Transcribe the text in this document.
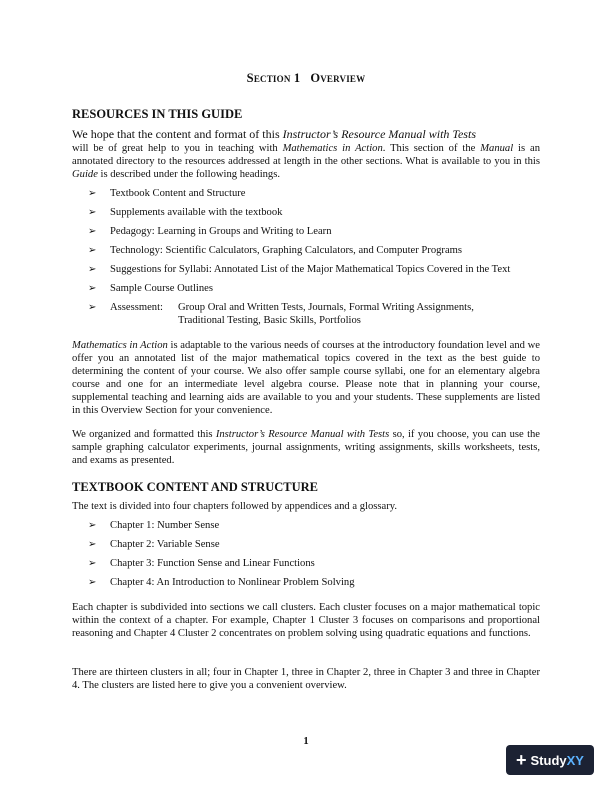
Section 1 Overview
RESOURCES IN THIS GUIDE

We hope that the content and format of this Instructor’s Resource Manual with Tests

will be of great help to you in teaching with Mathematics in Action. This section of the Manual is an annotated directory to the resources addressed at length in the other sections. What is available to you in this Guide is described under the following headings.

➢ Textbook Content and Structure
➢ Supplements available with the textbook
➢ Pedagogy: Learning in Groups and Writing to Learn
➢ Technology: Scientific Calculators, Graphing Calculators, and Computer Programs
➢ Suggestions for Syllabi: Annotated List of the Major Mathematical Topics Covered in the Text
➢ Sample Course Outlines
➢ Assessment: Group Oral and Written Tests, Journals, Formal Writing Assignments,
Traditional Testing, Basic Skills, Portfolios

Mathematics in Action is adaptable to the various needs of courses at the introductory foundation level and we offer you an annotated list of the major mathematical topics covered in the text as the best guide to determining the content of your course. We also offer sample course syllabi, one for an elementary algebra course and one for an intermediate level algebra course. Please note that in planning your course, supplemental teaching and learning aids are available to you and your students. These supplements are listed in this Overview Section for your convenience.

We organized and formatted this Instructor’s Resource Manual with Tests so, if you choose, you can use the sample graphing calculator experiments, journal assignments, writing assignments, skills worksheets, tests, and exams as presented.

TEXTBOOK CONTENT AND STRUCTURE

The text is divided into four chapters followed by appendices and a glossary.

➢ Chapter 1: Number Sense
➢ Chapter 2: Variable Sense
➢ Chapter 3: Function Sense and Linear Functions
➢ Chapter 4: An Introduction to Nonlinear Problem Solving

Each chapter is subdivided into sections we call clusters. Each cluster focuses on a major mathematical topic within the context of a chapter. For example, Chapter 1 Cluster 3 focuses on comparisons and proportional reasoning and Chapter 4 Cluster 2 concentrates on problem solving using quadratic equations and functions.

There are thirteen clusters in all; four in Chapter 1, three in Chapter 2, three in Chapter 3 and three in Chapter 4. The clusters are listed here to give you a convenient overview.

1
+ Study XY
